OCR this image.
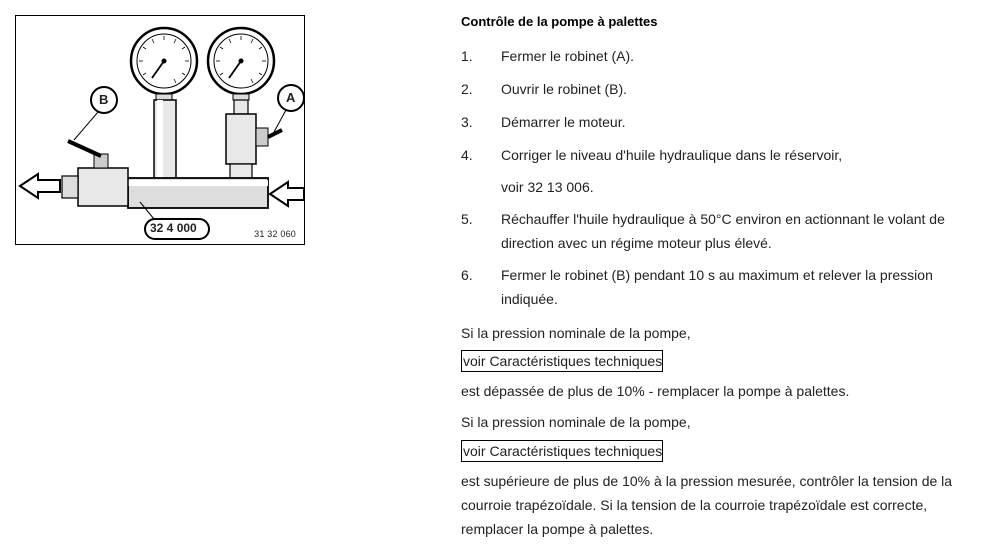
B	A
32 4 000	31 32 060
Contrôle de la pompe à palettes
1.	Fermer le robinet (A).
2.	Ouvrir le robinet (B).
3.	Démarrer le moteur.
4.	Corriger le niveau d'huile hydraulique dans le réservoir,
voir 32 13 006.
5.	Réchauffer l'huile hydraulique à 50°C environ en actionnant le volant de direction avec un régime moteur plus élevé.
6.	Fermer le robinet (B) pendant 10 s au maximum et relever la pression indiquée.
Si la pression nominale de la pompe,
voir Caractéristiques techniques
est dépassée de plus de 10% - remplacer la pompe à palettes.
Si la pression nominale de la pompe,
voir Caractéristiques techniques
est supérieure de plus de 10% à la pression mesurée, contrôler la tension de la courroie trapézoïdale. Si la tension de la courroie trapézoïdale est correcte, remplacer la pompe à palettes.
